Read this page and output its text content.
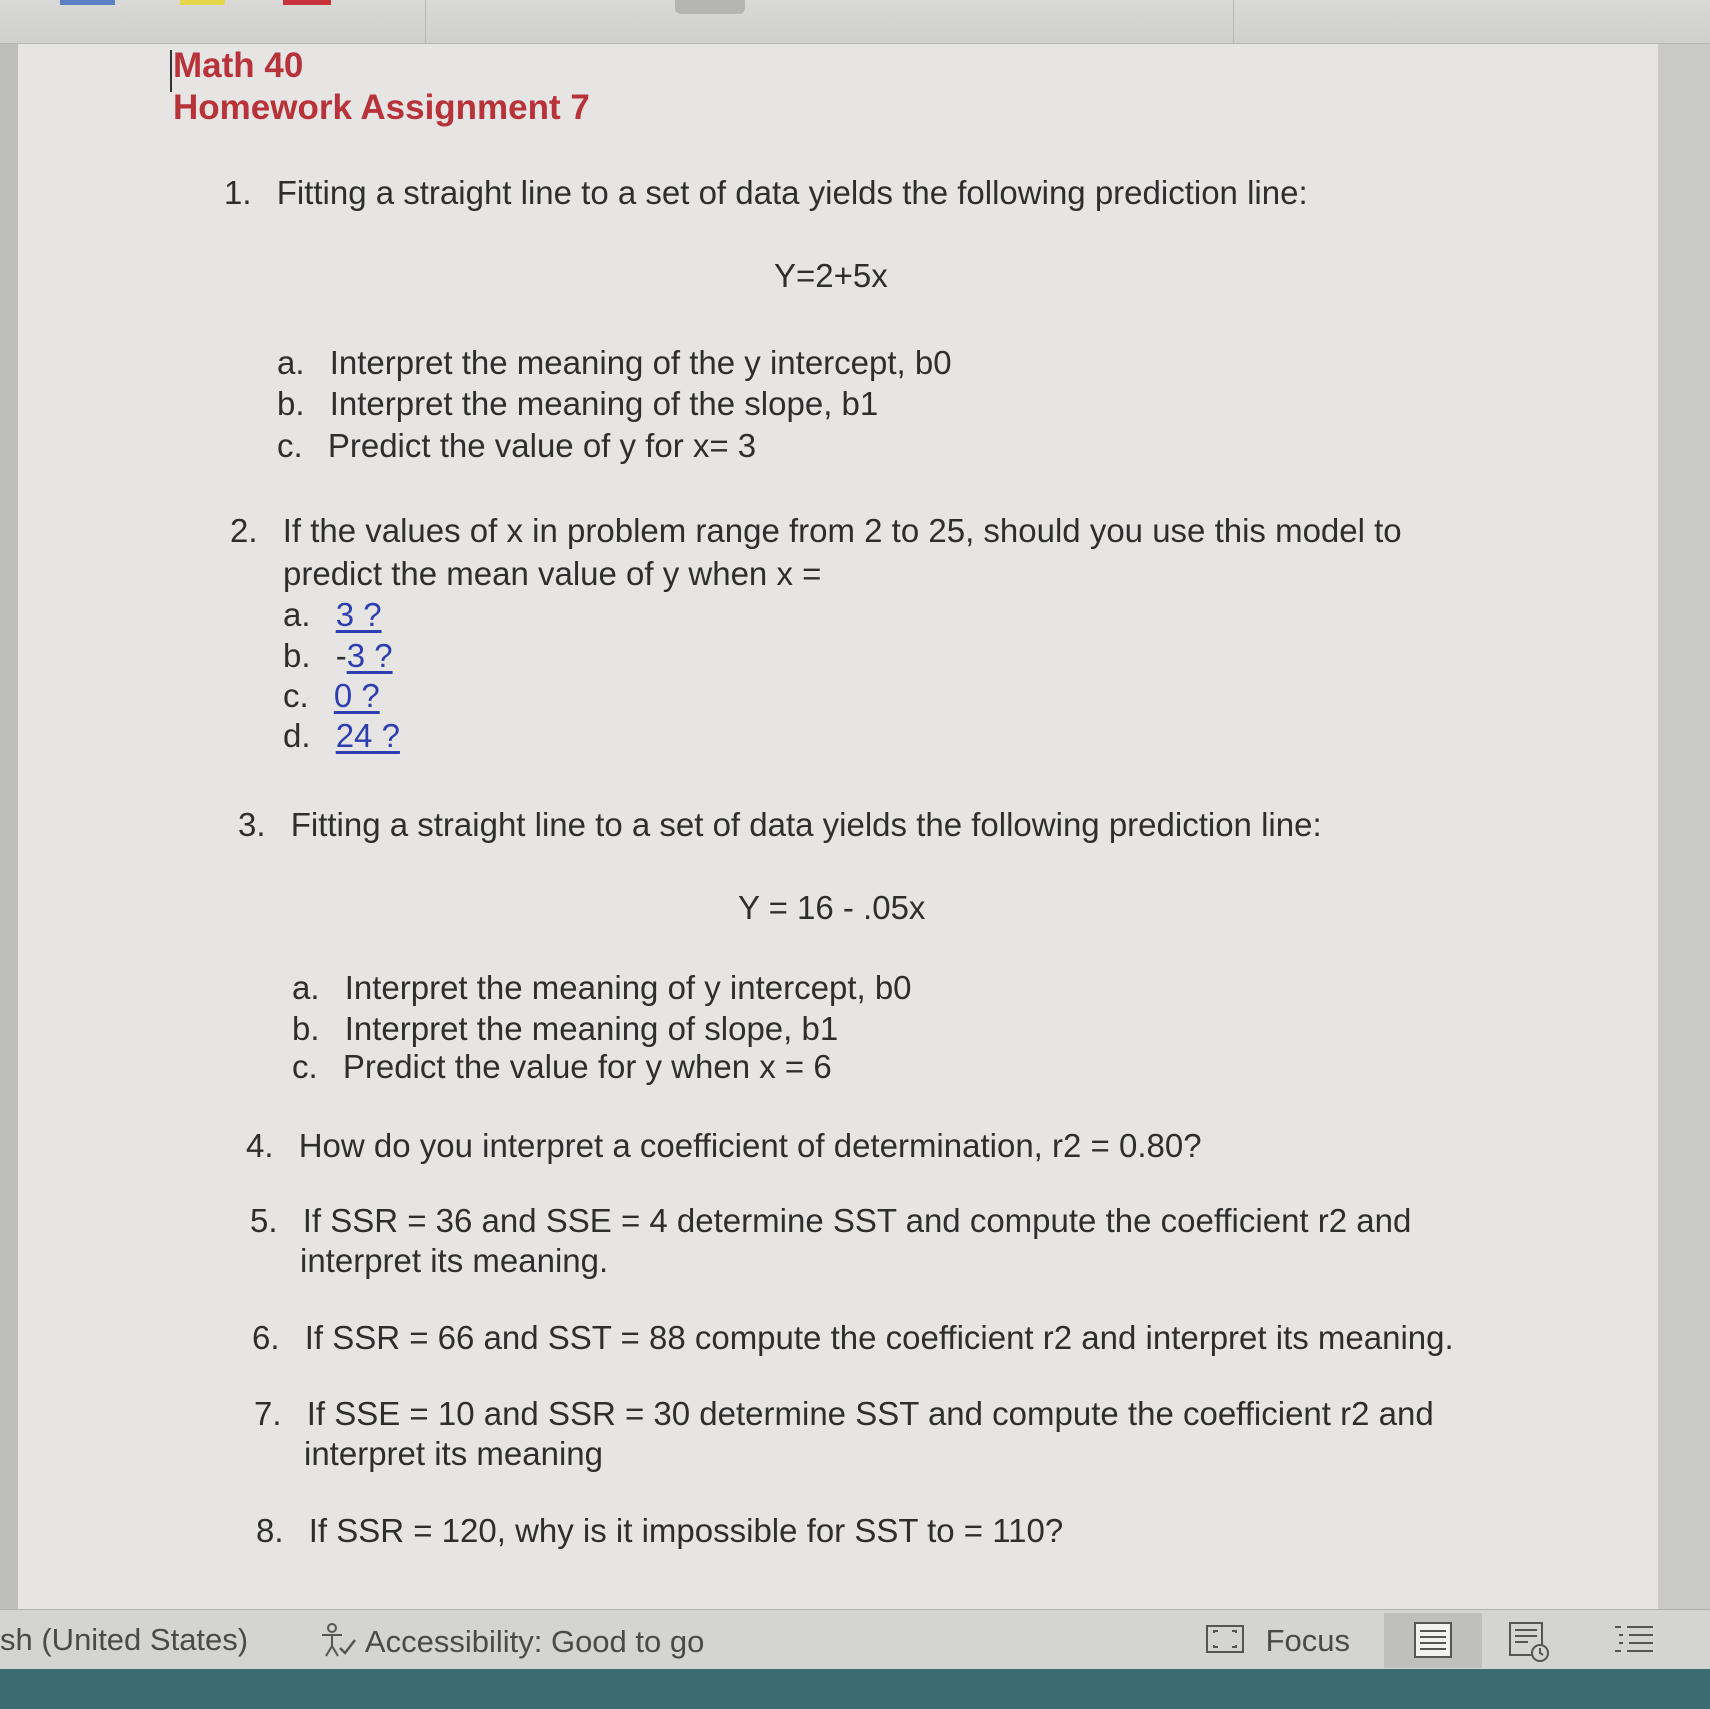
Math 40
Homework Assignment 7
1. Fitting a straight line to a set of data yields the following prediction line:
Y=2+5x
a. Interpret the meaning of the y intercept, b0
b. Interpret the meaning of the slope, b1
c. Predict the value of y for x= 3
2. If the values of x in problem range from 2 to 25, should you use this model to
predict the mean value of y when x =
a. 3 ?
b. -3 ?
c. 0 ?
d. 24 ?
3. Fitting a straight line to a set of data yields the following prediction line:
Y = 16 - .05x
a. Interpret the meaning of y intercept, b0
b. Interpret the meaning of slope, b1
c. Predict the value for y when x = 6
4. How do you interpret a coefficient of determination, r2 = 0.80?
5. If SSR = 36 and SSE = 4 determine SST and compute the coefficient r2 and
interpret its meaning.
6. If SSR = 66 and SST = 88 compute the coefficient r2 and interpret its meaning.
7. If SSE = 10 and SSR = 30 determine SST and compute the coefficient r2 and
interpret its meaning
8. If SSR = 120, why is it impossible for SST to = 110?
sh (United States)	Accessibility: Good to go	Focus
